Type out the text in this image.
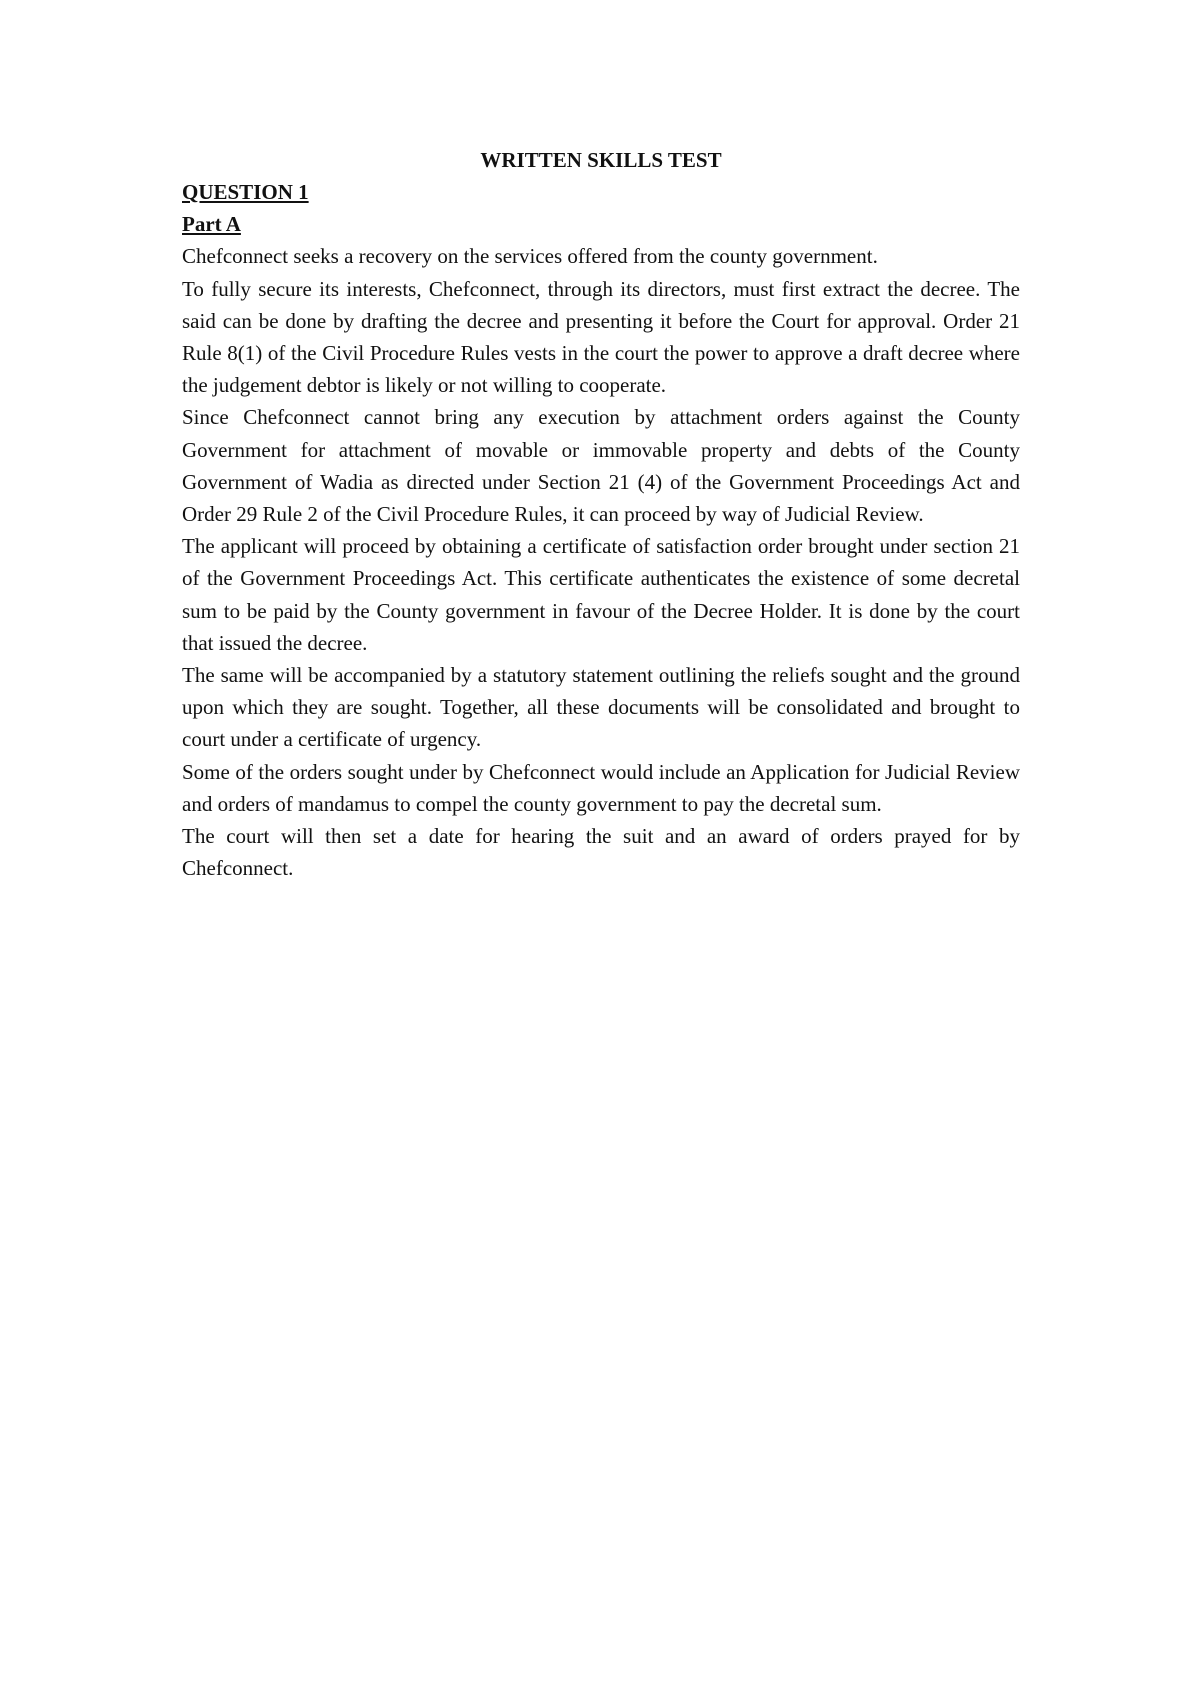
WRITTEN SKILLS TEST

QUESTION 1

Part A

Chefconnect seeks a recovery on the services offered from the county government.

To fully secure its interests, Chefconnect, through its directors, must first extract the decree. The said can be done by drafting the decree and presenting it before the Court for approval. Order 21 Rule 8(1) of the Civil Procedure Rules vests in the court the power to approve a draft decree where the judgement debtor is likely or not willing to cooperate.

Since Chefconnect cannot bring any execution by attachment orders against the County Government for attachment of movable or immovable property and debts of the County Government of Wadia as directed under Section 21 (4) of the Government Proceedings Act and Order 29 Rule 2 of the Civil Procedure Rules, it can proceed by way of Judicial Review.

The applicant will proceed by obtaining a certificate of satisfaction order brought under section 21 of the Government Proceedings Act. This certificate authenticates the existence of some decretal sum to be paid by the County government in favour of the Decree Holder. It is done by the court that issued the decree.

The same will be accompanied by a statutory statement outlining the reliefs sought and the ground upon which they are sought. Together, all these documents will be consolidated and brought to court under a certificate of urgency.

Some of the orders sought under by Chefconnect would include an Application for Judicial Review and orders of mandamus to compel the county government to pay the decretal sum.

The court will then set a date for hearing the suit and an award of orders prayed for by Chefconnect.
